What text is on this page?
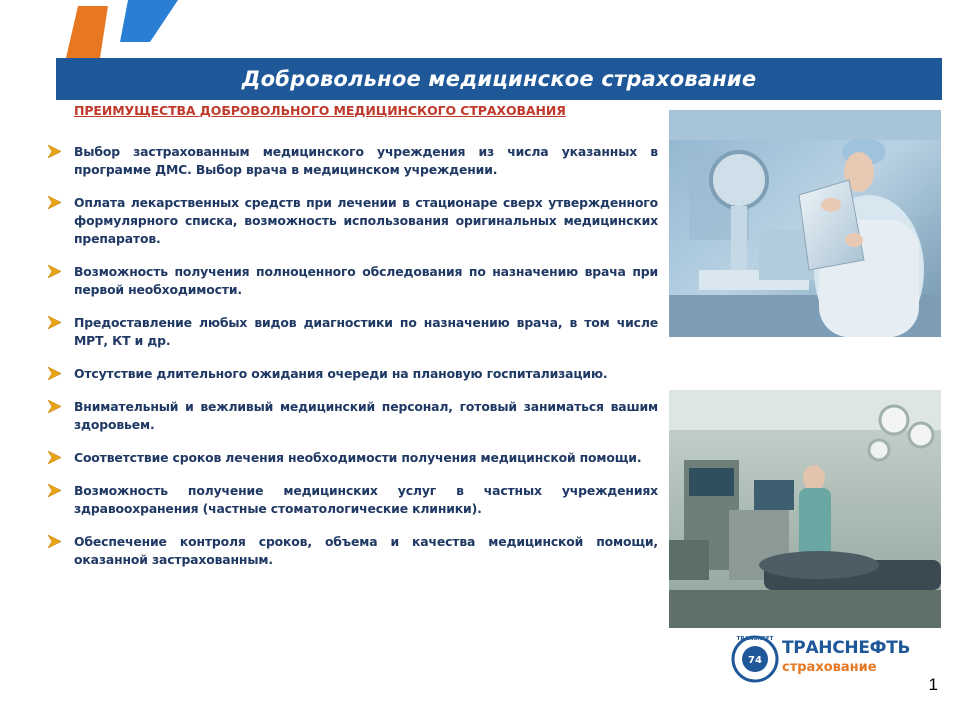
Добровольное медицинское страхование
ПРЕИМУЩЕСТВА ДОБРОВОЛЬНОГО МЕДИЦИНСКОГО СТРАХОВАНИЯ
Выбор застрахованным медицинского учреждения из числа указанных в программе ДМС. Выбор врача в медицинском учреждении.
Оплата лекарственных средств при лечении в стационаре сверх утвержденного формулярного списка, возможность использования оригинальных медицинских препаратов.
Возможность получения полноценного обследования по назначению врача при первой необходимости.
Предоставление любых видов диагностики по назначению врача, в том числе МРТ, КТ и др.
Отсутствие длительного ожидания очереди на плановую госпитализацию.
Внимательный и вежливый медицинский персонал, готовый заниматься вашим здоровьем.
Соответствие сроков лечения необходимости получения медицинской помощи.
Возможность получение медицинских услуг в частных учреждениях здравоохранения (частные стоматологические клиники).
Обеспечение контроля сроков, объема и качества медицинской помощи, оказанной застрахованным.
74
TRANSNEFT ТРАНСНЕФТЬ
страхование
1
